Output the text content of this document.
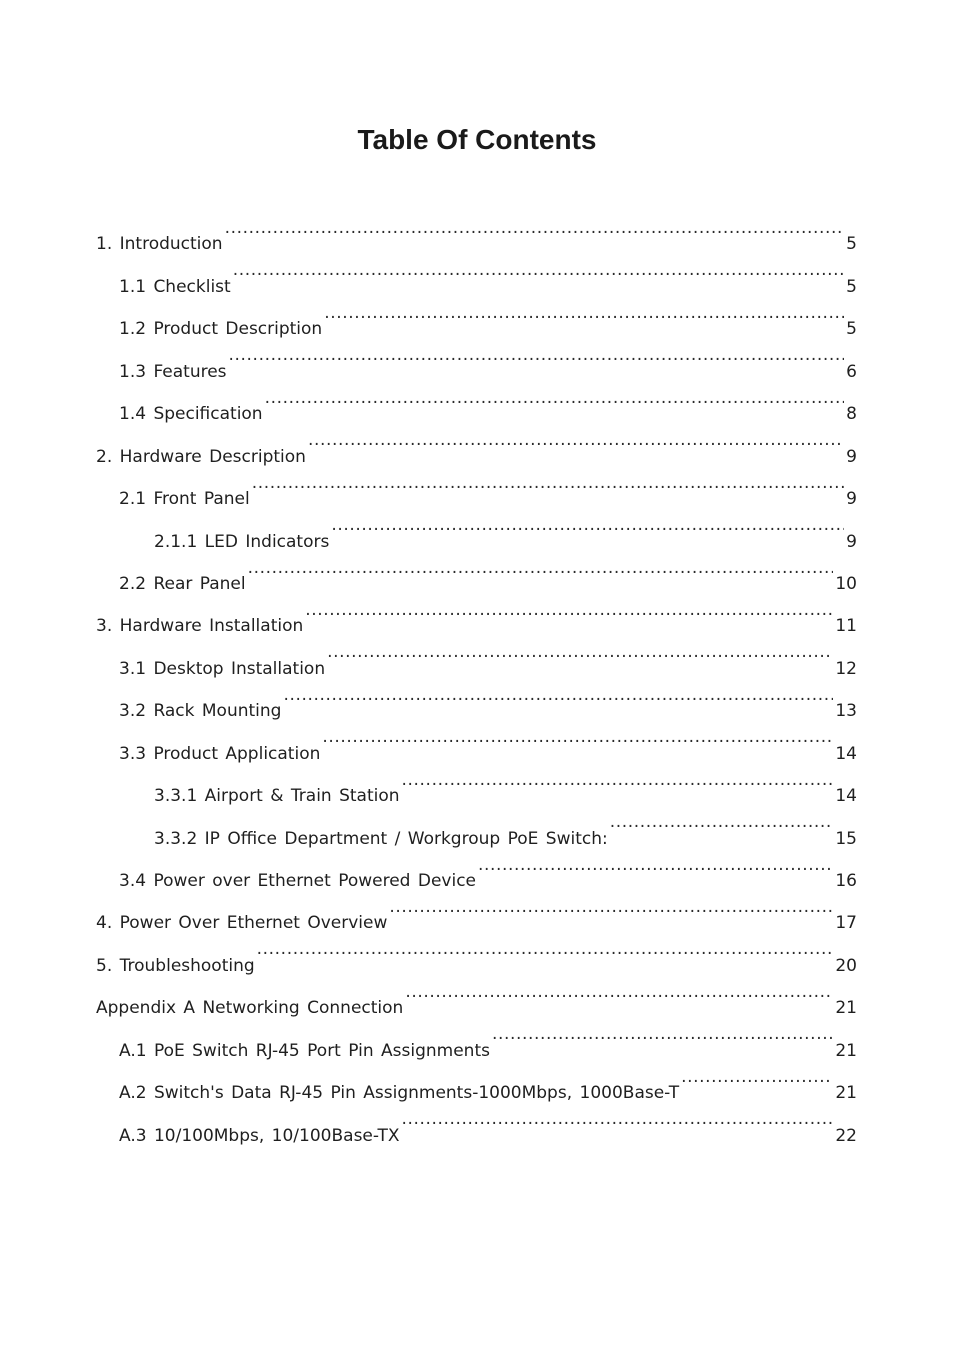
Table Of Contents
1. Introduction .....	5
1.1 Checklist .....	5
1.2 Product Description .....	5
1.3 Features .....	6
1.4 Specification .....	8
2. Hardware Description .....	9
2.1 Front Panel .....	9
2.1.1 LED Indicators .....	9
2.2 Rear Panel .....	10
3. Hardware Installation .....	11
3.1 Desktop Installation .....	12
3.2 Rack Mounting .....	13
3.3 Product Application .....	14
3.3.1 Airport & Train Station .....	14
3.3.2 IP Office Department / Workgroup PoE Switch: .....	15
3.4 Power over Ethernet Powered Device .....	16
4. Power Over Ethernet Overview .....	17
5. Troubleshooting .....	20
Appendix A Networking Connection .....	21
A.1 PoE Switch RJ-45 Port Pin Assignments .....	21
A.2 Switch's Data RJ-45 Pin Assignments-1000Mbps, 1000Base-T .....	21
A.3 10/100Mbps, 10/100Base-TX .....	22
